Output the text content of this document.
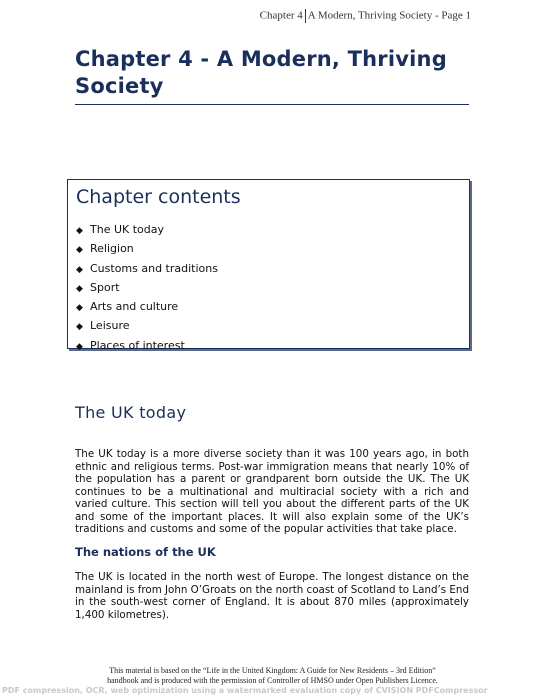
Chapter 4 A Modern, Thriving Society - Page 1
Chapter 4 - A Modern, Thriving Society
Chapter contents
◆ The UK today
◆ Religion
◆ Customs and traditions
◆ Sport
◆ Arts and culture
◆ Leisure
◆ Places of interest
The UK today

The UK today is a more diverse society than it was 100 years ago, in both ethnic and religious terms. Post-war immigration means that nearly 10% of the population has a parent or grandparent born outside the UK. The UK continues to be a multinational and multiracial society with a rich and varied culture. This section will tell you about the different parts of the UK and some of the important places. It will also explain some of the UK’s traditions and customs and some of the popular activities that take place.

The nations of the UK

The UK is located in the north west of Europe. The longest distance on the mainland is from John O’Groats on the north coast of Scotland to Land’s End in the south-west corner of England. It is about 870 miles (approximately 1,400 kilometres).

This material is based on the “Life in the United Kingdom: A Guide for New Residents – 3rd Edition”
handbook and is produced with the permission of Controller of HMSO under Open Publishers Licence.
PDF compression, OCR, web optimization using a watermarked evaluation copy of CVISION PDFCompressor
